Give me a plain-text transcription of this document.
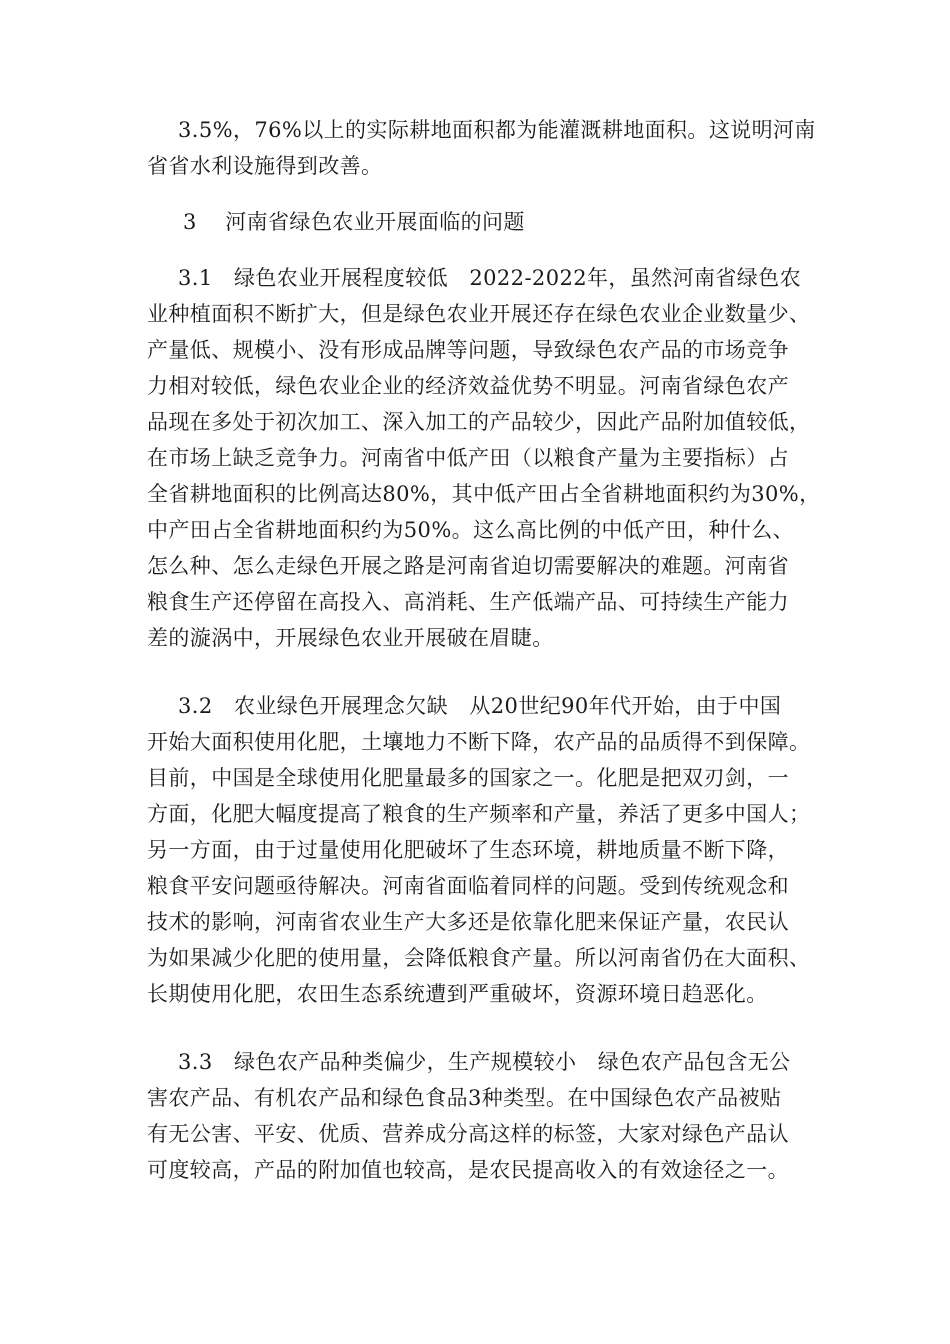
3.5%，76%以上的实际耕地面积都为能灌溉耕地面积。这说明河南
省省水利设施得到改善。
3　 河南省绿色农业开展面临的问题
3.1　绿色农业开展程度较低　2022-2022年，虽然河南省绿色农
业种植面积不断扩大，但是绿色农业开展还存在绿色农业企业数量少、
产量低、规模小、没有形成品牌等问题，导致绿色农产品的市场竞争
力相对较低，绿色农业企业的经济效益优势不明显。河南省绿色农产
品现在多处于初次加工、深入加工的产品较少，因此产品附加值较低，
在市场上缺乏竞争力。河南省中低产田（以粮食产量为主要指标）占
全省耕地面积的比例高达80%，其中低产田占全省耕地面积约为30%，
中产田占全省耕地面积约为50%。这么高比例的中低产田，种什么、
怎么种、怎么走绿色开展之路是河南省迫切需要解决的难题。河南省
粮食生产还停留在高投入、高消耗、生产低端产品、可持续生产能力
差的漩涡中，开展绿色农业开展破在眉睫。
3.2　农业绿色开展理念欠缺　从20世纪90年代开始，由于中国
开始大面积使用化肥，土壤地力不断下降，农产品的品质得不到保障。
目前，中国是全球使用化肥量最多的国家之一。化肥是把双刃剑，一
方面，化肥大幅度提高了粮食的生产频率和产量，养活了更多中国人；
另一方面，由于过量使用化肥破坏了生态环境，耕地质量不断下降，
粮食平安问题亟待解决。河南省面临着同样的问题。受到传统观念和
技术的影响，河南省农业生产大多还是依靠化肥来保证产量，农民认
为如果减少化肥的使用量，会降低粮食产量。所以河南省仍在大面积、
长期使用化肥，农田生态系统遭到严重破坏，资源环境日趋恶化。
3.3　绿色农产品种类偏少，生产规模较小　绿色农产品包含无公
害农产品、有机农产品和绿色食品3种类型。在中国绿色农产品被贴
有无公害、平安、优质、营养成分高这样的标签，大家对绿色产品认
可度较高，产品的附加值也较高，是农民提高收入的有效途径之一。
